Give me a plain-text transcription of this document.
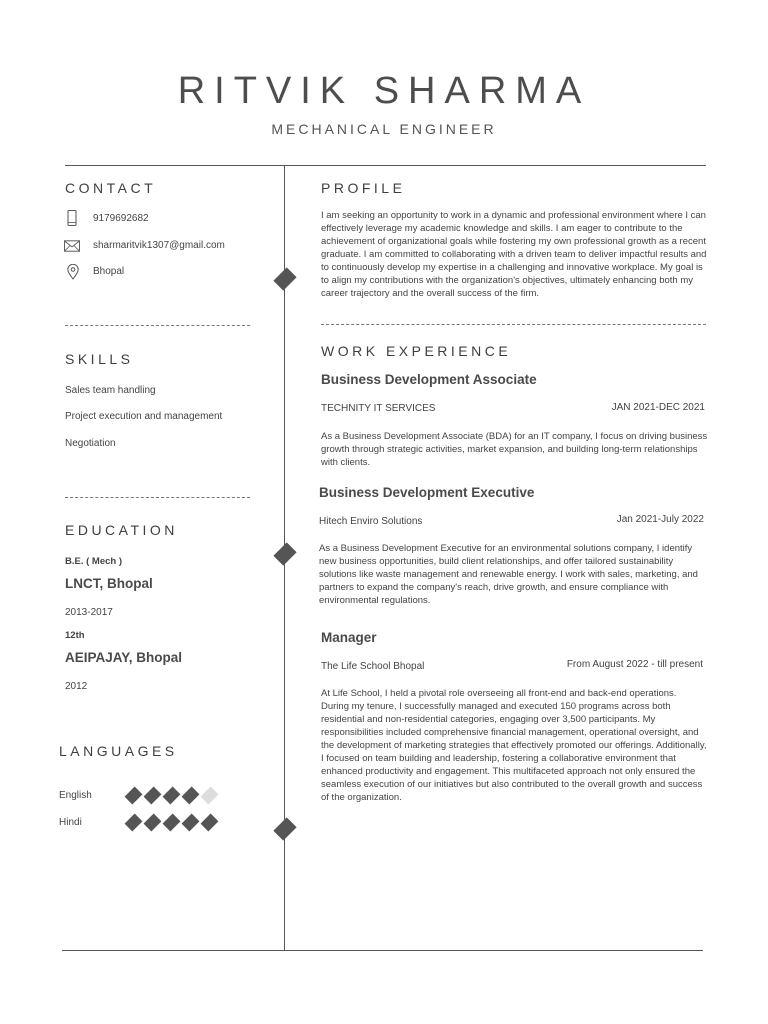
RITVIK SHARMA
MECHANICAL ENGINEER
CONTACT
9179692682
sharmaritvik1307@gmail.com
Bhopal
SKILLS
Sales team handling
Project execution and management
Negotiation
EDUCATION
B.E. ( Mech )
LNCT, Bhopal
2013-2017
12th
AEIPAJAY, Bhopal
2012
LANGUAGES
English
Hindi
PROFILE
I am seeking an opportunity to work in a dynamic and professional environment where I can effectively leverage my academic knowledge and skills. I am eager to contribute to the achievement of organizational goals while fostering my own professional growth as a recent graduate. I am committed to collaborating with a driven team to deliver impactful results and to continuously develop my expertise in a challenging and innovative workplace. My goal is to align my contributions with the organization's objectives, ultimately enhancing both my career trajectory and the overall success of the firm.
WORK EXPERIENCE
Business Development Associate
TECHNITY IT SERVICES	JAN 2021-DEC 2021
As a Business Development Associate (BDA) for an IT company, I focus on driving business growth through strategic activities, market expansion, and building long-term relationships with clients.
Business Development Executive
Hitech Enviro Solutions	Jan 2021-July 2022
As a Business Development Executive for an environmental solutions company, I identify new business opportunities, build client relationships, and offer tailored sustainability solutions like waste management and renewable energy. I work with sales, marketing, and partners to expand the company's reach, drive growth, and ensure compliance with environmental regulations.
Manager
The Life School Bhopal	From August 2022 - till present
At Life School, I held a pivotal role overseeing all front-end and back-end operations. During my tenure, I successfully managed and executed 150 programs across both residential and non-residential categories, engaging over 3,500 participants. My responsibilities included comprehensive financial management, operational oversight, and the development of marketing strategies that effectively promoted our offerings. Additionally, I focused on team building and leadership, fostering a collaborative environment that enhanced productivity and engagement. This multifaceted approach not only ensured the seamless execution of our initiatives but also contributed to the overall growth and success of the organization.
